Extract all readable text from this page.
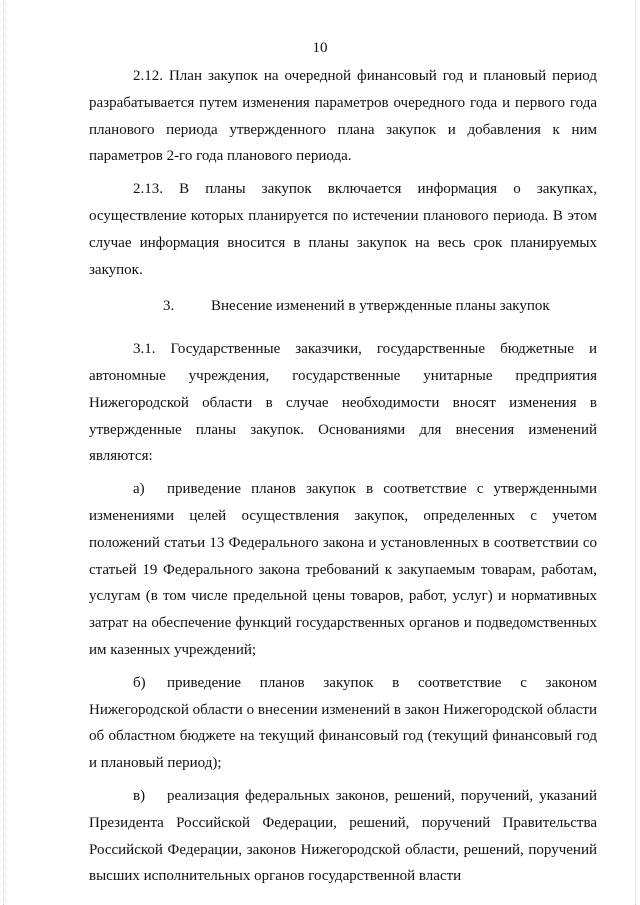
10

2.12. План закупок на очередной финансовый год и плановый период разрабатывается путем изменения параметров очередного года и первого года планового периода утвержденного плана закупок и добавления к ним параметров 2-го года планового периода.

2.13. В планы закупок включается информация о закупках, осуществление которых планируется по истечении планового периода. В этом случае информация вносится в планы закупок на весь срок планируемых закупок.

3. Внесение изменений в утвержденные планы закупок

3.1. Государственные заказчики, государственные бюджетные и автономные учреждения, государственные унитарные предприятия Нижегородской области в случае необходимости вносят изменения в утвержденные планы закупок. Основаниями для внесения изменений являются:

а) приведение планов закупок в соответствие с утвержденными изменениями целей осуществления закупок, определенных с учетом положений статьи 13 Федерального закона и установленных в соответствии со статьей 19 Федерального закона требований к закупаемым товарам, работам, услугам (в том числе предельной цены товаров, работ, услуг) и нормативных затрат на обеспечение функций государственных органов и подведомственных им казенных учреждений;

б) приведение планов закупок в соответствие с законом Нижегородской области о внесении изменений в закон Нижегородской области об областном бюджете на текущий финансовый год (текущий финансовый год и плановый период);

в) реализация федеральных законов, решений, поручений, указаний Президента Российской Федерации, решений, поручений Правительства Российской Федерации, законов Нижегородской области, решений, поручений высших исполнительных органов государственной власти
